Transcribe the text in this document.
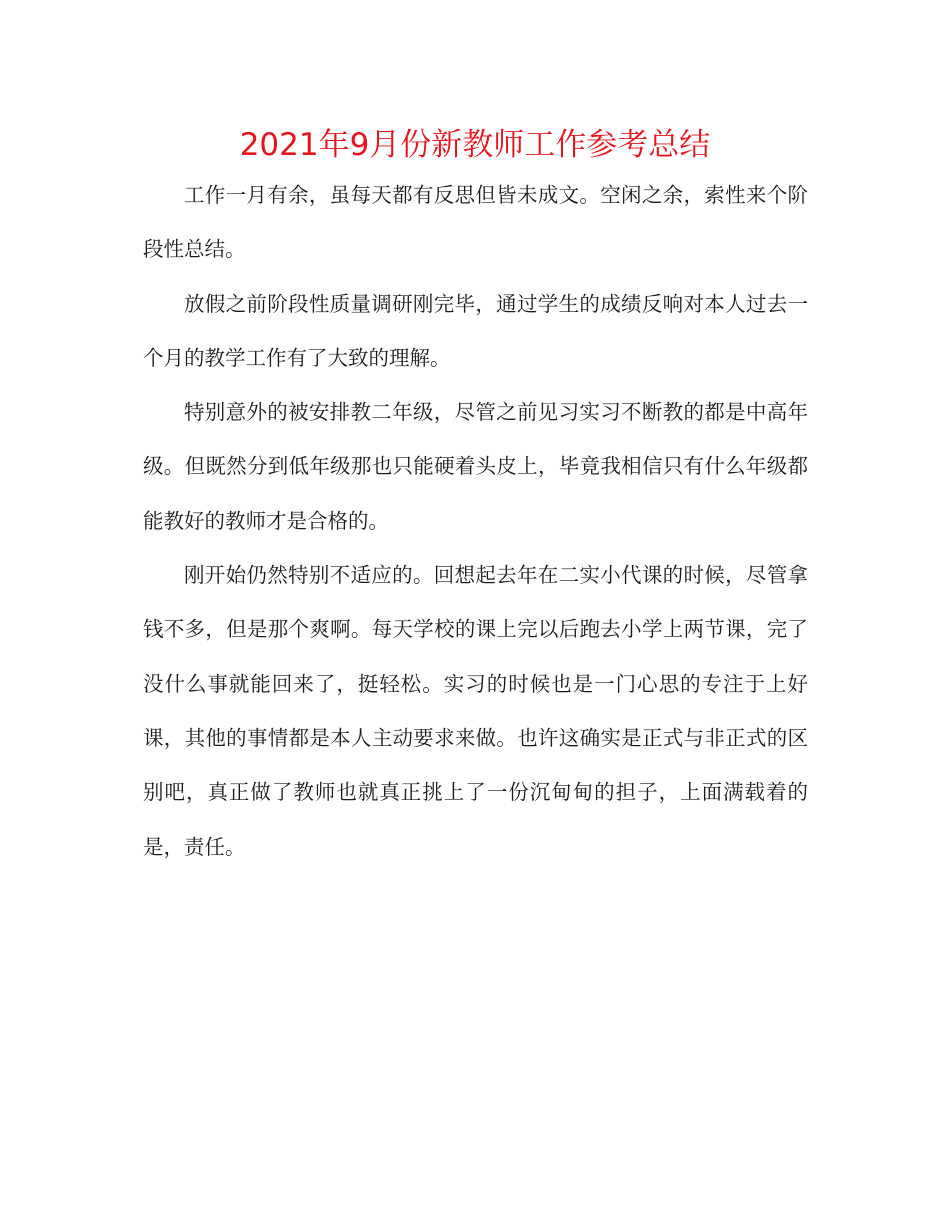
2021年9月份新教师工作参考总结

工作一月有余，虽每天都有反思但皆未成文。空闲之余，索性来个阶段性总结。

放假之前阶段性质量调研刚完毕，通过学生的成绩反响对本人过去一个月的教学工作有了大致的理解。

特别意外的被安排教二年级，尽管之前见习实习不断教的都是中高年级。但既然分到低年级那也只能硬着头皮上，毕竟我相信只有什么年级都能教好的教师才是合格的。

刚开始仍然特别不适应的。回想起去年在二实小代课的时候，尽管拿钱不多，但是那个爽啊。每天学校的课上完以后跑去小学上两节课，完了没什么事就能回来了，挺轻松。实习的时候也是一门心思的专注于上好课，其他的事情都是本人主动要求来做。也许这确实是正式与非正式的区别吧，真正做了教师也就真正挑上了一份沉甸甸的担子，上面满载着的是，责任。
